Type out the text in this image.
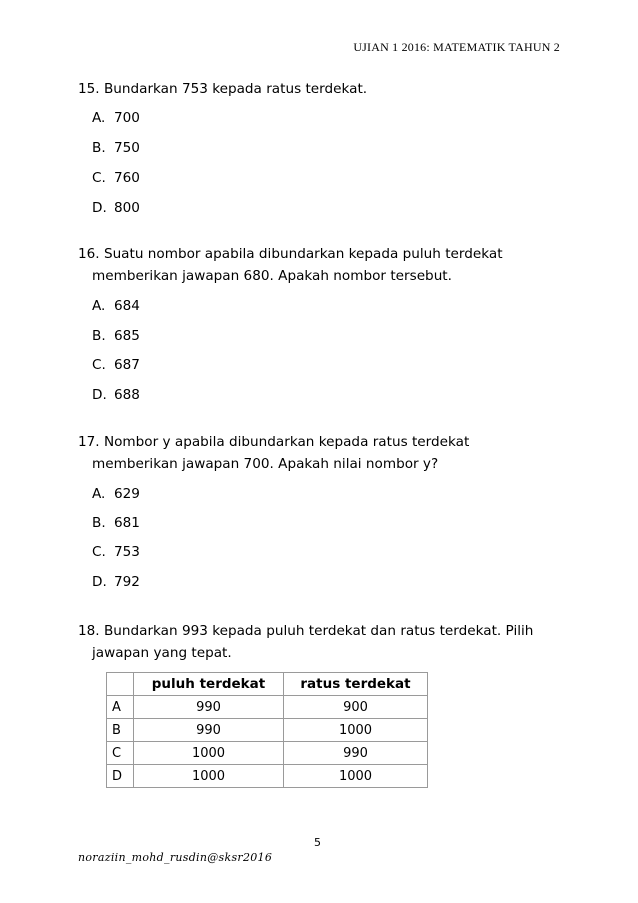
UJIAN 1 2016: MATEMATIK TAHUN 2

15. Bundarkan 753 kepada ratus terdekat.

A. 700
B. 750
C. 760
D. 800

16. Suatu nombor apabila dibundarkan kepada puluh terdekat
memberikan jawapan 680. Apakah nombor tersebut.

A. 684
B. 685
C. 687
D. 688

17. Nombor y apabila dibundarkan kepada ratus terdekat
memberikan jawapan 700. Apakah nilai nombor y?

A. 629
B. 681
C. 753
D. 792

18. Bundarkan 993 kepada puluh terdekat dan ratus terdekat. Pilih
jawapan yang tepat.

	puluh terdekat	ratus terdekat
A	990	900
B	990	1000
C	1000	990
D	1000	1000
5
noraziin_mohd_rusdin@sksr2016
